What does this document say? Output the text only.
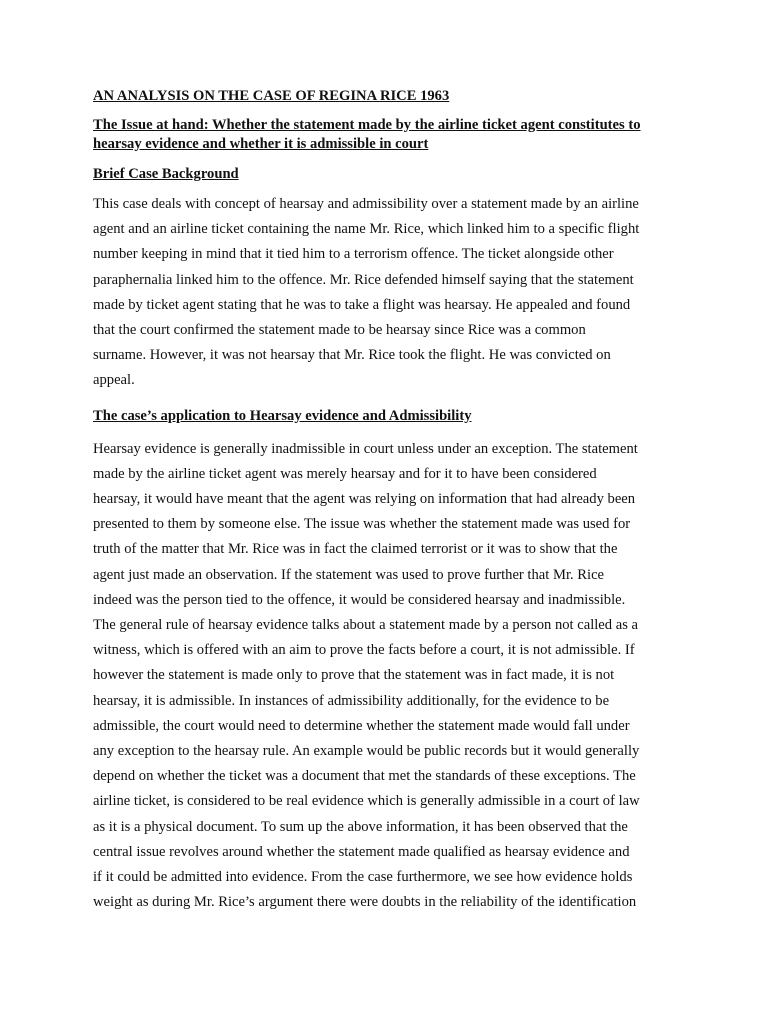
AN ANALYSIS ON THE CASE OF REGINA RICE 1963
The Issue at hand: Whether the statement made by the airline ticket agent constitutes to hearsay evidence and whether it is admissible in court
Brief Case Background
This case deals with concept of hearsay and admissibility over a statement made by an airline
agent and an airline ticket containing the name Mr. Rice, which linked him to a specific flight
number keeping in mind that it tied him to a terrorism offence. The ticket alongside other
paraphernalia linked him to the offence. Mr. Rice defended himself saying that the statement
made by ticket agent stating that he was to take a flight was hearsay. He appealed and found
that the court confirmed the statement made to be hearsay since Rice was a common
surname. However, it was not hearsay that Mr. Rice took the flight. He was convicted on
appeal.
The case’s application to Hearsay evidence and Admissibility
Hearsay evidence is generally inadmissible in court unless under an exception. The statement
made by the airline ticket agent was merely hearsay and for it to have been considered
hearsay, it would have meant that the agent was relying on information that had already been
presented to them by someone else. The issue was whether the statement made was used for
truth of the matter that Mr. Rice was in fact the claimed terrorist or it was to show that the
agent just made an observation. If the statement was used to prove further that Mr. Rice
indeed was the person tied to the offence, it would be considered hearsay and inadmissible.
The general rule of hearsay evidence talks about a statement made by a person not called as a
witness, which is offered with an aim to prove the facts before a court, it is not admissible. If
however the statement is made only to prove that the statement was in fact made, it is not
hearsay, it is admissible. In instances of admissibility additionally, for the evidence to be
admissible, the court would need to determine whether the statement made would fall under
any exception to the hearsay rule. An example would be public records but it would generally
depend on whether the ticket was a document that met the standards of these exceptions. The
airline ticket, is considered to be real evidence which is generally admissible in a court of law
as it is a physical document. To sum up the above information, it has been observed that the
central issue revolves around whether the statement made qualified as hearsay evidence and
if it could be admitted into evidence. From the case furthermore, we see how evidence holds
weight as during Mr. Rice’s argument there were doubts in the reliability of the identification
